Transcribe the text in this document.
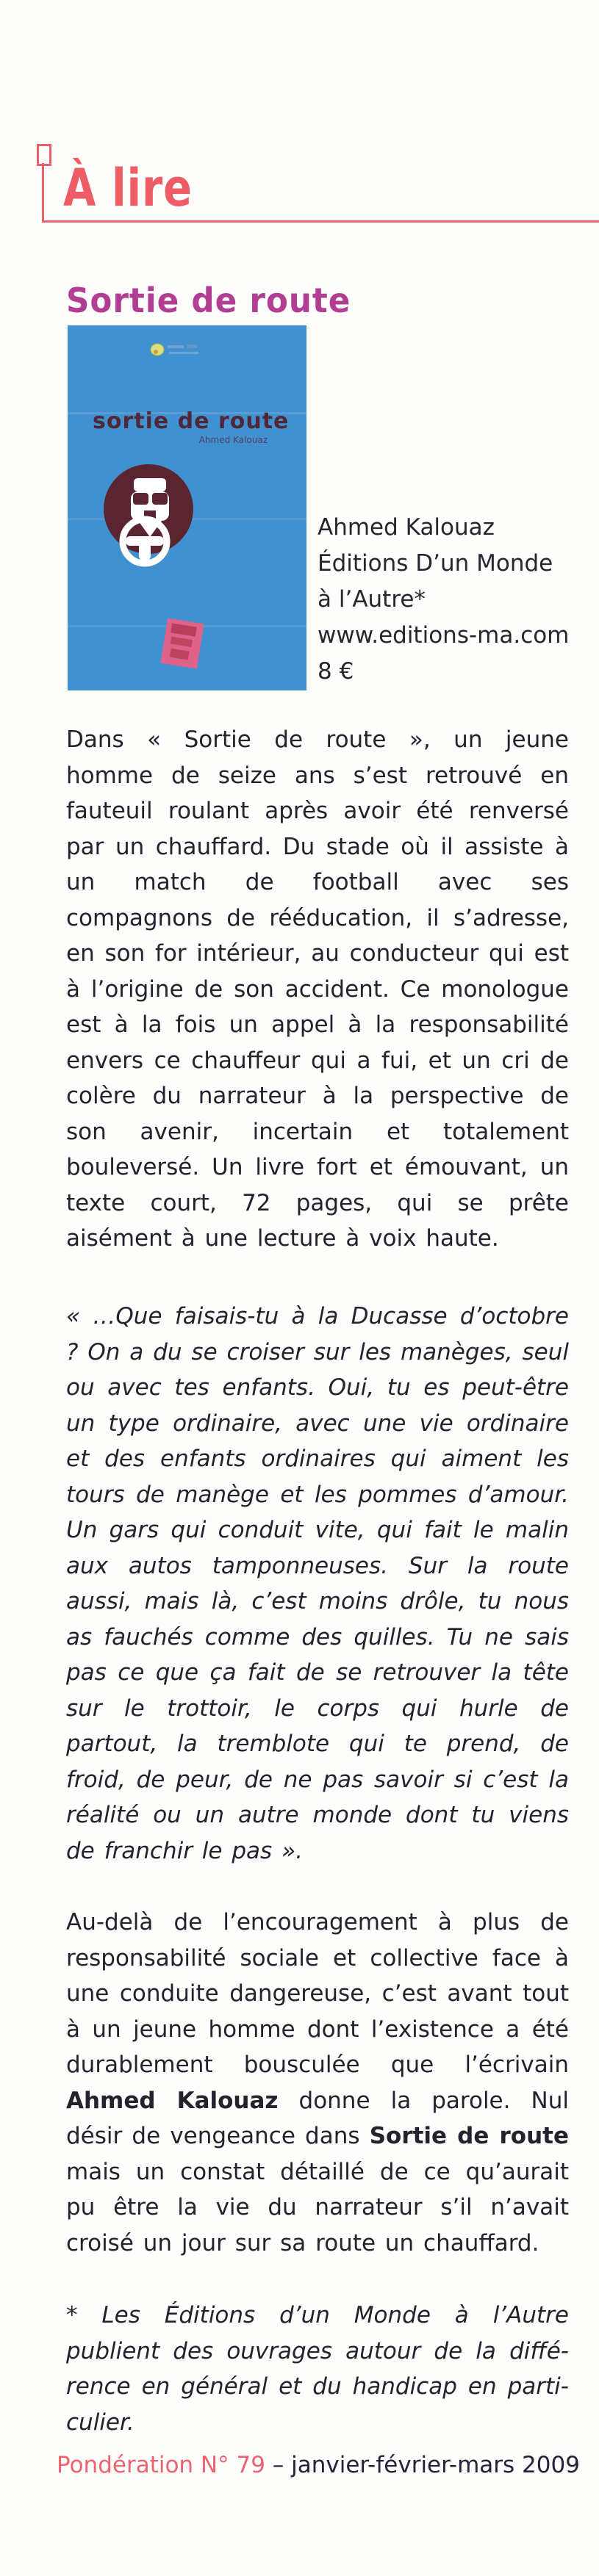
À lire
Sortie de route
sortie de route
Ahmed Kalouaz
Ahmed Kalouaz
Éditions D’un Monde
à l’Autre*
www.editions-ma.com
8 €

Dans « Sortie de route », un jeune homme de seize ans s’est retrouvé en fauteuil roulant après avoir été renversé par un chauffard. Du stade où il assiste à un match de football avec ses compagnons de rééducation, il s’adresse, en son for intérieur, au conducteur qui est à l’origine de son accident. Ce monologue est à la fois un appel à la responsabilité envers ce chauffeur qui a fui, et un cri de colère du narrateur à la perspective de son avenir, incertain et totalement bouleversé. Un livre fort et émouvant, un texte court, 72 pages, qui se prête aisément à une lecture à voix haute.

« …Que faisais-tu à la Ducasse d’octobre ? On a du se croiser sur les manèges, seul ou avec tes enfants. Oui, tu es peut-être un type ordinaire, avec une vie ordinaire et des enfants ordinaires qui aiment les tours de manège et les pommes d’amour. Un gars qui conduit vite, qui fait le malin aux autos tamponneuses. Sur la route aussi, mais là, c’est moins drôle, tu nous as fauchés comme des quilles. Tu ne sais pas ce que ça fait de se retrouver la tête sur le trottoir, le corps qui hurle de partout, la tremblote qui te prend, de froid, de peur, de ne pas savoir si c’est la réalité ou un autre monde dont tu viens de franchir le pas ».

Au-delà de l’encouragement à plus de responsabilité sociale et collective face à une conduite dangereuse, c’est avant tout à un jeune homme dont l’existence a été durablement bousculée que l’écrivain Ahmed Kalouaz donne la parole. Nul désir de vengeance dans Sortie de route mais un constat détaillé de ce qu’aurait pu être la vie du narrateur s’il n’avait croisé un jour sur sa route un chauffard.

* Les Éditions d’un Monde à l’Autre publient des ouvrages autour de la diffé-rence en général et du handicap en parti-culier.

Pondération N° 79 – janvier-février-mars 2009
